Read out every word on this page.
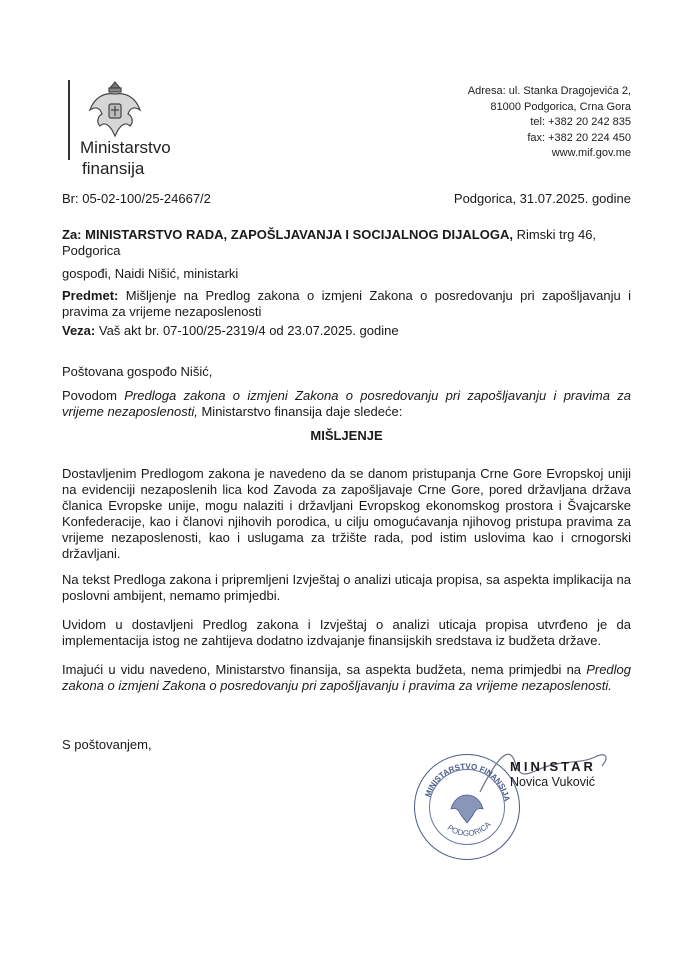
Ministarstvo
finansija
Adresa: ul. Stanka Dragojevića 2,
81000 Podgorica, Crna Gora
tel: +382 20 242 835
fax: +382 20 224 450
www.mif.gov.me
Br: 05-02-100/25-24667/2	Podgorica, 31.07.2025. godine
Za: MINISTARSTVO RADA, ZAPOŠLJAVANJA I SOCIJALNOG DIJALOGA, Rimski trg 46,
Podgorica
gospođi, Naidi Nišić, ministarki
Predmet: Mišljenje na Predlog zakona o izmjeni Zakona o posredovanju pri zapošljavanju i pravima za vrijeme nezaposlenosti
Veza: Vaš akt br. 07-100/25-2319/4 od 23.07.2025. godine
Poštovana gospođo Nišić,
Povodom Predloga zakona o izmjeni Zakona o posredovanju pri zapošljavanju i pravima za vrijeme nezaposlenosti, Ministarstvo finansija daje sledeće:
MIŠLJENJE
Dostavljenim Predlogom zakona je navedeno da se danom pristupanja Crne Gore Evropskoj uniji na evidenciji nezaposlenih lica kod Zavoda za zapošljavaje Crne Gore, pored državljana država članica Evropske unije, mogu nalaziti i državljani Evropskog ekonomskog prostora i Švajcarske Konfederacije, kao i članovi njihovih porodica, u cilju omogućavanja njihovog pristupa pravima za vrijeme nezaposlenosti, kao i uslugama za tržište rada, pod istim uslovima kao i crnogorski državljani.
Na tekst Predloga zakona i pripremljeni Izvještaj o analizi uticaja propisa, sa aspekta implikacija na poslovni ambijent, nemamo primjedbi.
Uvidom u dostavljeni Predlog zakona i Izvještaj o analizi uticaja propisa utvrđeno je da implementacija istog ne zahtijeva dodatno izdvajanje finansijskih sredstava iz budžeta države.
Imajući u vidu navedeno, Ministarstvo finansija, sa aspekta budžeta, nema primjedbi na Predlog zakona o izmjeni Zakona o posredovanju pri zapošljavanju i pravima za vrijeme nezaposlenosti.
S poštovanjem,
MINISTARSTVO FINANSIJA
PODGORICA
MINISTAR
Novica Vuković
